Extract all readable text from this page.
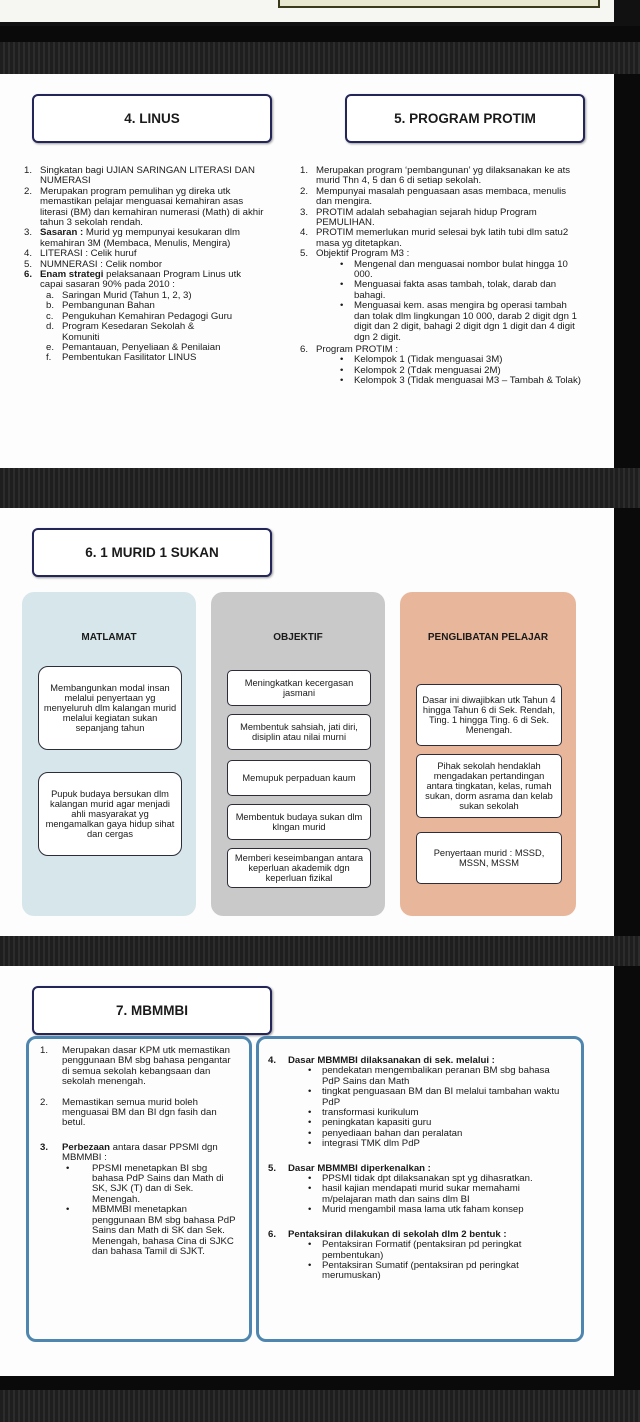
4. LINUS	5. PROGRAM PROTIM
1. Singkatan bagi UJIAN SARINGAN LITERASI DAN NUMERASI
2. Merupakan program pemulihan yg direka utk memastikan pelajar menguasai kemahiran asas literasi (BM) dan kemahiran numerasi (Math) di akhir tahun 3 sekolah rendah.
3. Sasaran : Murid yg mempunyai kesukaran dlm kemahiran 3M (Membaca, Menulis, Mengira)
4. LITERASI : Celik huruf
5. NUMNERASI : Celik nombor
6. Enam strategi pelaksanaan Program Linus utk capai sasaran 90% pada 2010 :
a. Saringan Murid (Tahun 1, 2, 3)
b. Pembangunan Bahan
c. Pengukuhan Kemahiran Pedagogi Guru
d. Program Kesedaran Sekolah & Komuniti
e. Pemantauan, Penyeliaan & Penilaian
f.	Pembentukan Fasilitator LINUS
1. Merupakan program ‘pembangunan’ yg dilaksanakan ke ats murid Thn 4, 5 dan 6 di setiap sekolah.
2. Mempunyai masalah penguasaan asas membaca, menulis dan mengira.
3. PROTIM adalah sebahagian sejarah hidup Program PEMULIHAN.
4. PROTIM memerlukan murid selesai byk latih tubi dlm satu2 masa yg ditetapkan.
5. Objektif Program M3 :
•	Mengenal dan menguasai nombor bulat hingga 10 000.
•	Menguasai fakta asas tambah, tolak, darab dan bahagi.
•	Menguasai kem. asas mengira bg operasi tambah dan tolak dlm lingkungan 10 000, darab 2 digit dgn 1 digit dan 2 digit, bahagi 2 digit dgn 1 digit dan 4 digit dgn 2 digit.
6. Program PROTIM :
•	Kelompok 1 (Tidak menguasai 3M)
•	Kelompok 2 (Tdak menguasai 2M)
•	Kelompok 3 (Tidak menguasai M3 – Tambah & Tolak)
6. 1 MURID 1 SUKAN
MATLAMAT
Membangunkan modal insan melalui penyertaan yg menyeluruh dlm kalangan murid melalui kegiatan sukan sepanjang tahun
Pupuk budaya bersukan dlm kalangan murid agar menjadi ahli masyarakat yg mengamalkan gaya hidup sihat dan cergas
OBJEKTIF
Meningkatkan kecergasan jasmani
Membentuk sahsiah, jati diri, disiplin atau nilai murni
Memupuk perpaduan kaum
Membentuk budaya sukan dlm klngan murid
Memberi keseimbangan antara keperluan akademik dgn keperluan fizikal
PENGLIBATAN PELAJAR
Dasar ini diwajibkan utk Tahun 4 hingga Tahun 6 di Sek. Rendah, Ting. 1 hingga Ting. 6 di Sek. Menengah.
Pihak sekolah hendaklah mengadakan pertandingan antara tingkatan, kelas, rumah sukan, dorm asrama dan kelab sukan sekolah
Penyertaan murid : MSSD, MSSN, MSSM
7. MBMMBI
1.	Merupakan dasar KPM utk memastikan penggunaan BM sbg bahasa pengantar di semua sekolah kebangsaan dan sekolah menengah.
2.	Memastikan semua murid boleh menguasai BM dan BI dgn fasih dan betul.
3.	Perbezaan antara dasar PPSMI dgn MBMMBI :
•	PPSMI menetapkan BI sbg bahasa PdP Sains dan Math di SK, SJK (T) dan di Sek. Menengah.
•	MBMMBI menetapkan penggunaan BM sbg bahasa PdP Sains dan Math di SK dan Sek. Menengah, bahasa Cina di SJKC dan bahasa Tamil di SJKT.
4.	Dasar MBMMBI dilaksanakan di sek. melalui :
•	pendekatan mengembalikan peranan BM sbg bahasa PdP Sains dan Math
•	tingkat penguasaan BM dan BI melalui tambahan waktu PdP
•	transformasi kurikulum
•	peningkatan kapasiti guru
•	penyediaan bahan dan peralatan
•	integrasi TMK dlm PdP
5.	Dasar MBMMBI diperkenalkan :
•	PPSMI tidak dpt dilaksanakan spt yg dihasratkan.
•	hasil kajian mendapati murid sukar memahami m/pelajaran math dan sains dlm BI
•	Murid mengambil masa lama utk faham konsep
6.	Pentaksiran dilakukan di sekolah dlm 2 bentuk :
•	Pentaksiran Formatif (pentaksiran pd peringkat pembentukan)
•	Pentaksiran Sumatif (pentaksiran pd peringkat merumuskan)
